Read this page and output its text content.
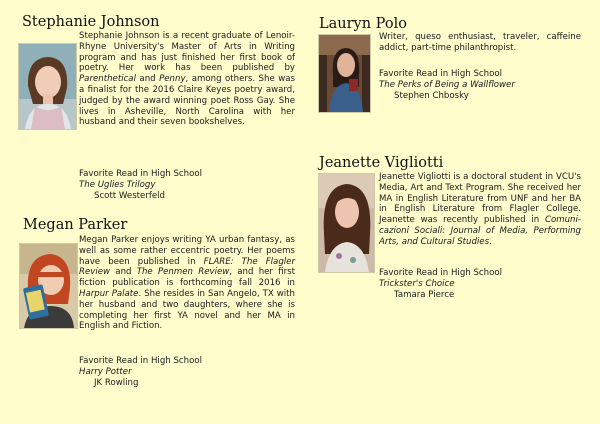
Stephanie Johnson

Stephanie Johnson is a recent graduate of Lenoir-Rhyne University's Master of Arts in Writing program and has just finished her first book of poetry. Her work has been published by Parenthetical and Penny, among others. She was a finalist for the 2016 Claire Keyes poetry award, judged by the award winning poet Ross Gay. She lives in Asheville, North Carolina with her husband and their seven bookshelves.

Favorite Read in High School
The Uglies Trilogy
Scott Westerfeld
Megan Parker

Megan Parker enjoys writing YA urban fantasy, as well as some rather eccentric poetry. Her poems have been published in FLARE: The Flagler Review and The Penmen Review, and her first fiction publication is forthcoming fall 2016 in Harpur Palate. She resides in San Angelo, TX with her husband and two daughters, where she is completing her first YA novel and her MA in English and Fiction.

Favorite Read in High School
Harry Potter
JK Rowling
Lauryn Polo

Writer, queso enthusiast, traveler, caffeine addict, part-time philanthropist.

Favorite Read in High School
The Perks of Being a Wallflower
Stephen Chbosky
Jeanette Vigliotti

Jeanette Vigliotti is a doctoral student in VCU's Media, Art and Text Program. She received her MA in English Literature from UNF and her BA in English Literature from Flagler College. Jeanette was recently published in Comuni-cazioni Sociali: Journal of Media, Performing Arts, and Cultural Studies.

Favorite Read in High School
Trickster's Choice
Tamara Pierce
